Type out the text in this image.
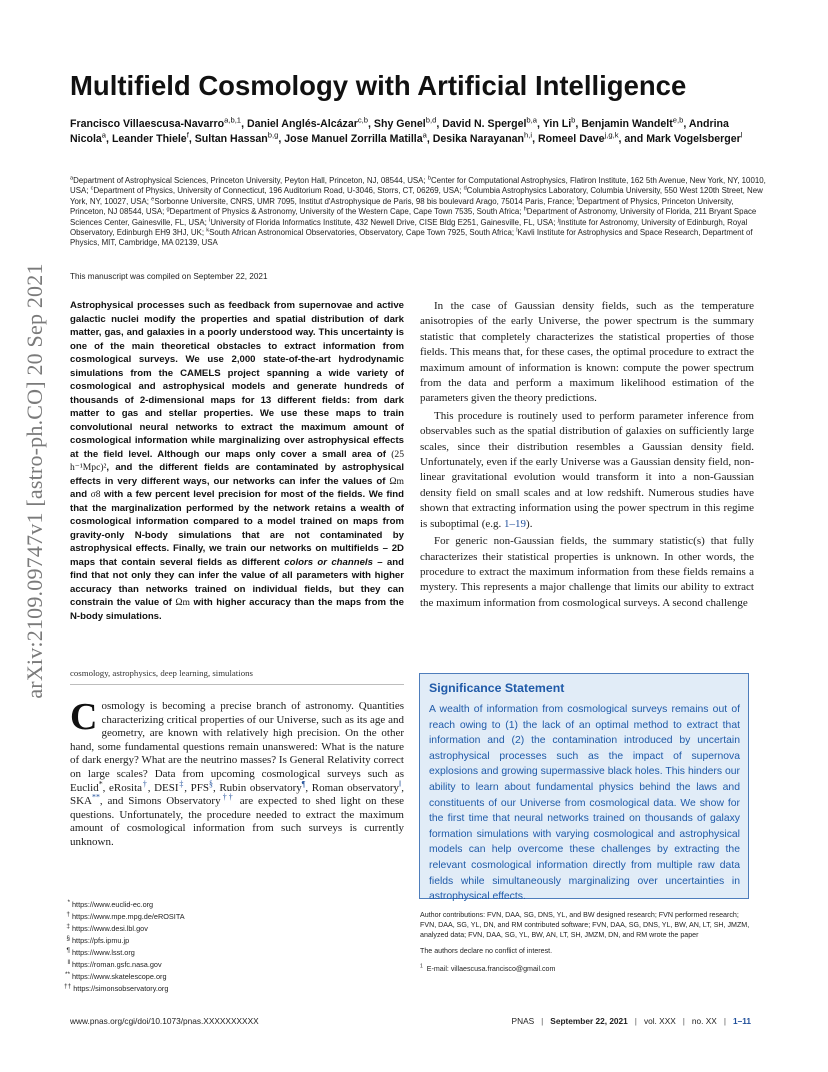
arXiv:2109.09747v1 [astro-ph.CO] 20 Sep 2021
Multifield Cosmology with Artificial Intelligence
Francisco Villaescusa-Navarro$^{a,b,1}$, Daniel Anglés-Alcázar$^{c,b}$, Shy Genel$^{b,d}$, David N. Spergel$^{b,a}$, Yin Li$^b$, Benjamin Wandelt$^{e,b}$, Andrina Nicola$^a$, Leander Thiele$^f$, Sultan Hassan$^{b,g}$, Jose Manuel Zorrilla Matilla$^a$, Desika Narayanan$^{h,i}$, Romeel Dave$^{j,g,k}$, and Mark Vogelsberger$^l$
$^a$Department of Astrophysical Sciences, Princeton University, Peyton Hall, Princeton, NJ, 08544, USA; $^b$Center for Computational Astrophysics, Flatiron Institute, 162 5th Avenue, New York, NY, 10010, USA; $^c$Department of Physics, University of Connecticut, 196 Auditorium Road, U-3046, Storrs, CT, 06269, USA; $^d$Columbia Astrophysics Laboratory, Columbia University, 550 West 120th Street, New York, NY, 10027, USA; $^e$Sorbonne Universite, CNRS, UMR 7095, Institut d'Astrophysique de Paris, 98 bis boulevard Arago, 75014 Paris, France; $^f$Department of Physics, Princeton University, Princeton, NJ 08544, USA; $^g$Department of Physics & Astronomy, University of the Western Cape, Cape Town 7535, South Africa; $^h$Department of Astronomy, University of Florida, 211 Bryant Space Sciences Center, Gainesville, FL, USA; $^i$University of Florida Informatics Institute, 432 Newell Drive, CISE Bldg E251, Gainesville, FL, USA; $^j$Institute for Astronomy, University of Edinburgh, Royal Observatory, Edinburgh EH9 3HJ, UK; $^k$South African Astronomical Observatories, Observatory, Cape Town 7925, South Africa; $^l$Kavli Institute for Astrophysics and Space Research, Department of Physics, MIT, Cambridge, MA 02139, USA
This manuscript was compiled on September 22, 2021
Astrophysical processes such as feedback from supernovae and active galactic nuclei modify the properties and spatial distribution of dark matter, gas, and galaxies in a poorly understood way. This uncertainty is one of the main theoretical obstacles to extract information from cosmological surveys. We use 2,000 state-of-the-art hydrodynamic simulations from the CAMELS project spanning a wide variety of cosmological and astrophysical models and generate hundreds of thousands of 2-dimensional maps for 13 different fields: from dark matter to gas and stellar properties. We use these maps to train convolutional neural networks to extract the maximum amount of cosmological information while marginalizing over astrophysical effects at the field level. Although our maps only cover a small area of (25 h⁻¹Mpc)², and the different fields are contaminated by astrophysical effects in very different ways, our networks can infer the values of Ωm and σ8 with a few percent level precision for most of the fields. We find that the marginalization performed by the network retains a wealth of cosmological information compared to a model trained on maps from gravity-only N-body simulations that are not contaminated by astrophysical effects. Finally, we train our networks on multifields – 2D maps that contain several fields as different colors or channels – and find that not only they can infer the value of all parameters with higher accuracy than networks trained on individual fields, but they can constrain the value of Ωm with higher accuracy than the maps from the N-body simulations.
cosmology, astrophysics, deep learning, simulations
Cosmology is becoming a precise branch of astronomy. Quantities characterizing critical properties of our Universe, such as its age and geometry, are known with relatively high precision. On the other hand, some fundamental questions remain unanswered: What is the nature of dark energy? What are the neutrino masses? Is General Relativity correct on large scales? Data from upcoming cosmological surveys such as Euclid*, eRosita†, DESI‡, PFS§, Rubin observatory¶, Roman observatory‖, SKA**, and Simons Observatory†† are expected to shed light on these questions. Unfortunately, the procedure needed to extract the maximum amount of cosmological information from such surveys is currently unknown.

In the case of Gaussian density fields, such as the temperature anisotropies of the early Universe, the power spectrum is the summary statistic that completely characterizes the statistical properties of those fields. This means that, for these cases, the optimal procedure to extract the maximum amount of information is known: compute the power spectrum from the data and perform a maximum likelihood estimation of the parameters given the theory predictions.

This procedure is routinely used to perform parameter inference from observables such as the spatial distribution of galaxies on sufficiently large scales, since their distribution resembles a Gaussian density field. Unfortunately, even if the early Universe was a Gaussian density field, non-linear gravitational evolution would transform it into a non-Gaussian density field on small scales and at low redshift. Numerous studies have shown that extracting information using the power spectrum in this regime is suboptimal (e.g. 1–19).

For generic non-Gaussian fields, the summary statistic(s) that fully characterizes their statistical properties is unknown. In other words, the procedure to extract the maximum information from these fields remains a mystery. This represents a major challenge that limits our ability to extract the maximum information from cosmological surveys. A second challenge

Significance Statement
A wealth of information from cosmological surveys remains out of reach owing to (1) the lack of an optimal method to extract that information and (2) the contamination introduced by uncertain astrophysical processes such as the impact of supernova explosions and growing supermassive black holes. This hinders our ability to learn about fundamental physics behind the laws and constituents of our Universe from cosmological data. We show for the first time that neural networks trained on thousands of galaxy formation simulations with varying cosmological and astrophysical models can help overcome these challenges by extracting the relevant cosmological information directly from multiple raw data fields while simultaneously marginalizing over uncertainties in astrophysical effects.
* https://www.euclid-ec.org
† https://www.mpe.mpg.de/eROSITA
‡ https://www.desi.lbl.gov
§ https://pfs.ipmu.jp
¶ https://www.lsst.org
‖ https://roman.gsfc.nasa.gov
** https://www.skatelescope.org
†† https://simonsobservatory.org

Author contributions: FVN, DAA, SG, DNS, YL, and BW designed research; FVN performed research; FVN, DAA, SG, YL, DN, and RM contributed software; FVN, DAA, SG, DNS, YL, BW, AN, LT, SH, JMZM, analyzed data; FVN, DAA, SG, YL, BW, AN, LT, SH, JMZM, DN, and RM wrote the paper

The authors declare no conflict of interest.

$^1$ E-mail: villaescusa.francisco@gmail.com

www.pnas.org/cgi/doi/10.1073/pnas.XXXXXXXXXX	PNAS | September 22, 2021 | vol. XXX | no. XX | 1–11
